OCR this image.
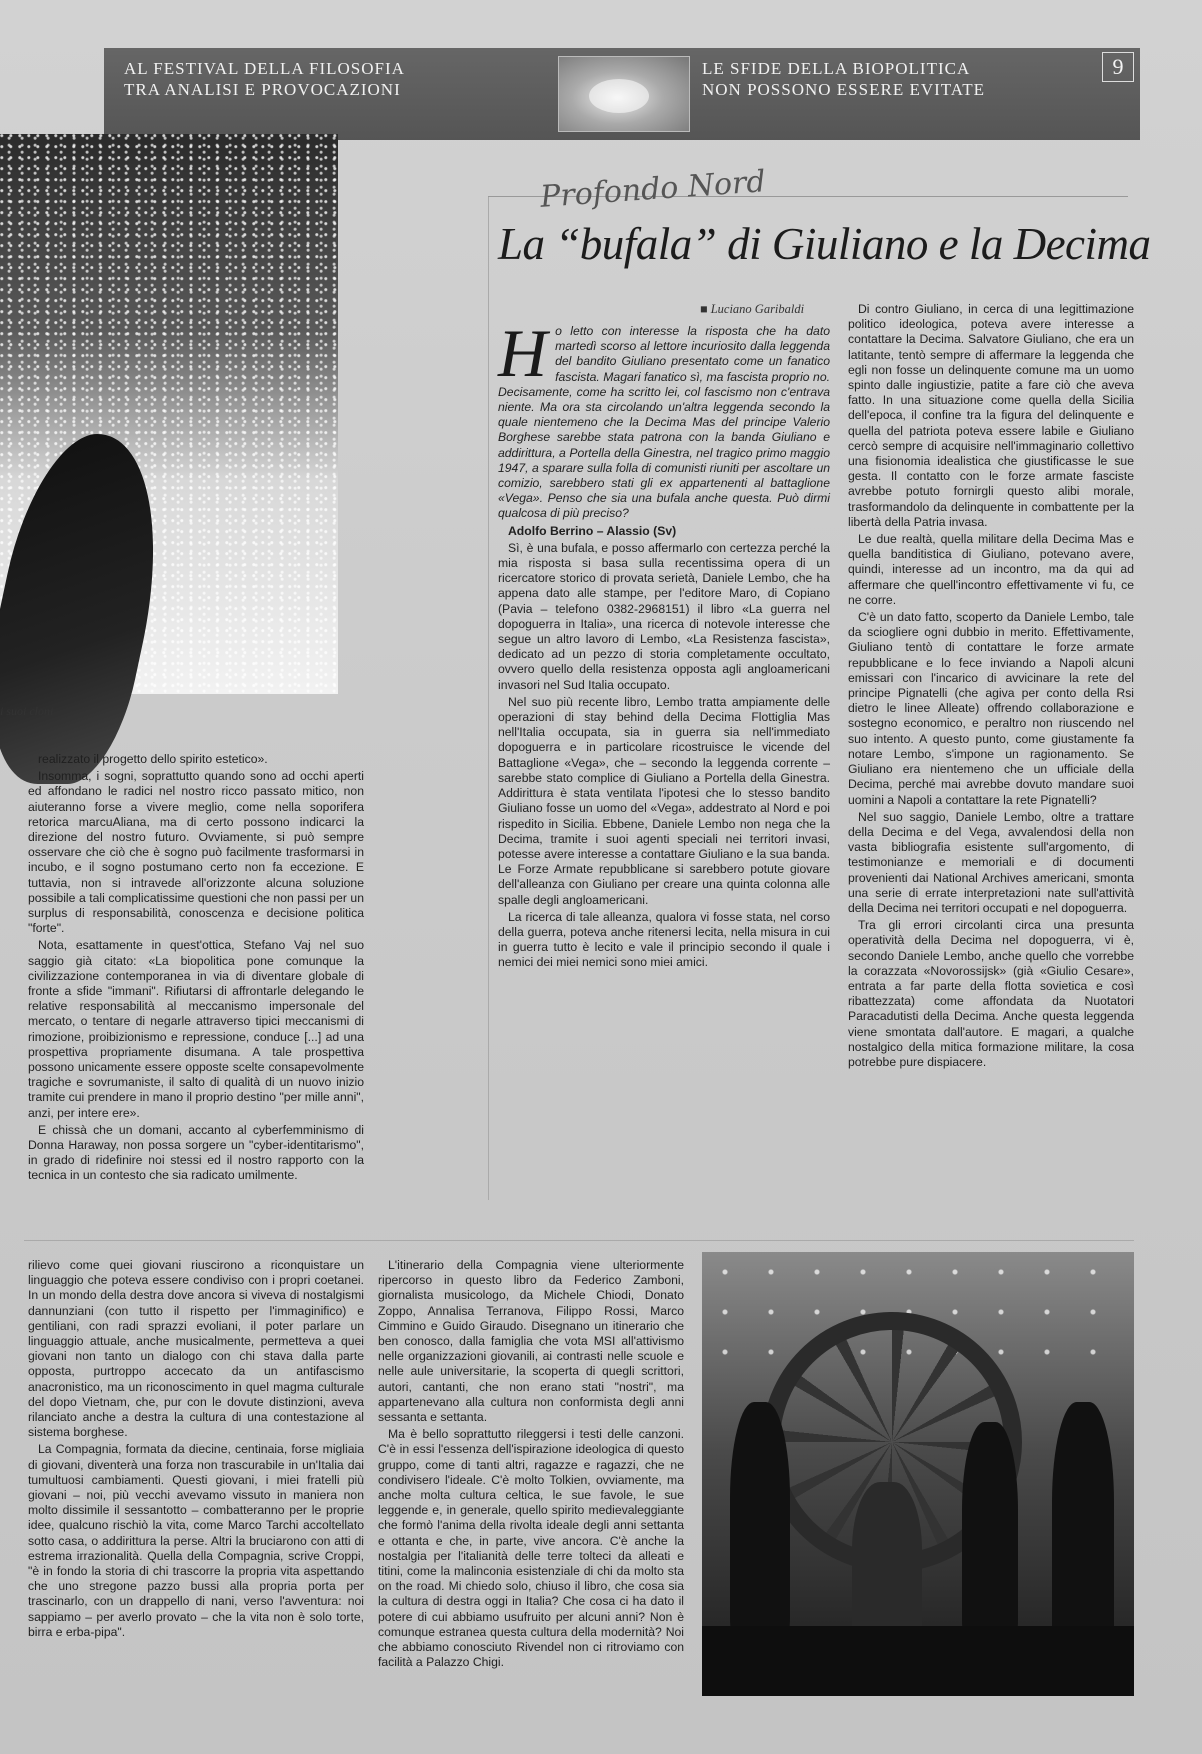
AL FESTIVAL DELLA FILOSOFIA
TRA ANALISI E PROVOCAZIONI
LE SFIDE DELLA BIOPOLITICA
NON POSSONO ESSERE EVITATE
9
i suoi cloni

realizzato il progetto dello spirito estetico».

Insomma, i sogni, soprattutto quando sono ad occhi aperti ed affondano le radici nel nostro ricco passato mitico, non aiuteranno forse a vivere meglio, come nella soporifera retorica marcuAliana, ma di certo possono indicarci la direzione del nostro futuro. Ovviamente, si può sempre osservare che ciò che è sogno può facilmente trasformarsi in incubo, e il sogno postumano certo non fa eccezione. E tuttavia, non si intravede all'orizzonte alcuna soluzione possibile a tali complicatissime questioni che non passi per un surplus di responsabilità, conoscenza e decisione politica "forte".

Nota, esattamente in quest'ottica, Stefano Vaj nel suo saggio già citato: «La biopolitica pone comunque la civilizzazione contemporanea in via di diventare globale di fronte a sfide "immani". Rifiutarsi di affrontarle delegando le relative responsabilità al meccanismo impersonale del mercato, o tentare di negarle attraverso tipici meccanismi di rimozione, proibizionismo e repressione, conduce [...] ad una prospettiva propriamente disumana. A tale prospettiva possono unicamente essere opposte scelte consapevolmente tragiche e sovrumaniste, il salto di qualità di un nuovo inizio tramite cui prendere in mano il proprio destino "per mille anni", anzi, per intere ere».

E chissà che un domani, accanto al cyberfemminismo di Donna Haraway, non possa sorgere un "cyber-identitarismo", in grado di ridefinire noi stessi ed il nostro rapporto con la tecnica in un contesto che sia radicato umilmente.

Profondo Nord
La “bufala” di Giuliano e la Decima
■ Luciano Garibaldi

Ho letto con interesse la risposta che ha dato martedì scorso al lettore incuriosito dalla leggenda del bandito Giuliano presentato come un fanatico fascista. Magari fanatico sì, ma fascista proprio no. Decisamente, come ha scritto lei, col fascismo non c'entrava niente. Ma ora sta circolando un'altra leggenda secondo la quale nientemeno che la Decima Mas del principe Valerio Borghese sarebbe stata patrona con la banda Giuliano e addirittura, a Portella della Ginestra, nel tragico primo maggio 1947, a sparare sulla folla di comunisti riuniti per ascoltare un comizio, sarebbero stati gli ex appartenenti al battaglione «Vega». Penso che sia una bufala anche questa. Può dirmi qualcosa di più preciso?

Adolfo Berrino – Alassio (Sv)

Sì, è una bufala, e posso affermarlo con certezza perché la mia risposta si basa sulla recentissima opera di un ricercatore storico di provata serietà, Daniele Lembo, che ha appena dato alle stampe, per l'editore Maro, di Copiano (Pavia – telefono 0382-2968151) il libro «La guerra nel dopoguerra in Italia», una ricerca di notevole interesse che segue un altro lavoro di Lembo, «La Resistenza fascista», dedicato ad un pezzo di storia completamente occultato, ovvero quello della resistenza opposta agli angloamericani invasori nel Sud Italia occupato.

Nel suo più recente libro, Lembo tratta ampiamente delle operazioni di stay behind della Decima Flottiglia Mas nell'Italia occupata, sia in guerra sia nell'immediato dopoguerra e in particolare ricostruisce le vicende del Battaglione «Vega», che – secondo la leggenda corrente – sarebbe stato complice di Giuliano a Portella della Ginestra. Addirittura è stata ventilata l'ipotesi che lo stesso bandito Giuliano fosse un uomo del «Vega», addestrato al Nord e poi rispedito in Sicilia. Ebbene, Daniele Lembo non nega che la Decima, tramite i suoi agenti speciali nei territori invasi, potesse avere interesse a contattare Giuliano e la sua banda. Le Forze Armate repubblicane si sarebbero potute giovare dell'alleanza con Giuliano per creare una quinta colonna alle spalle degli angloamericani.

La ricerca di tale alleanza, qualora vi fosse stata, nel corso della guerra, poteva anche ritenersi lecita, nella misura in cui in guerra tutto è lecito e vale il principio secondo il quale i nemici dei miei nemici sono miei amici.

Di contro Giuliano, in cerca di una legittimazione politico ideologica, poteva avere interesse a contattare la Decima. Salvatore Giuliano, che era un latitante, tentò sempre di affermare la leggenda che egli non fosse un delinquente comune ma un uomo spinto dalle ingiustizie, patite a fare ciò che aveva fatto. In una situazione come quella della Sicilia dell'epoca, il confine tra la figura del delinquente e quella del patriota poteva essere labile e Giuliano cercò sempre di acquisire nell'immaginario collettivo una fisionomia idealistica che giustificasse le sue gesta. Il contatto con le forze armate fasciste avrebbe potuto fornirgli questo alibi morale, trasformandolo da delinquente in combattente per la libertà della Patria invasa.

Le due realtà, quella militare della Decima Mas e quella banditistica di Giuliano, potevano avere, quindi, interesse ad un incontro, ma da qui ad affermare che quell'incontro effettivamente vi fu, ce ne corre.

C'è un dato fatto, scoperto da Daniele Lembo, tale da sciogliere ogni dubbio in merito. Effettivamente, Giuliano tentò di contattare le forze armate repubblicane e lo fece inviando a Napoli alcuni emissari con l'incarico di avvicinare la rete del principe Pignatelli (che agiva per conto della Rsi dietro le linee Alleate) offrendo collaborazione e sostegno economico, e peraltro non riuscendo nel suo intento. A questo punto, come giustamente fa notare Lembo, s'impone un ragionamento. Se Giuliano era nientemeno che un ufficiale della Decima, perché mai avrebbe dovuto mandare suoi uomini a Napoli a contattare la rete Pignatelli?

Nel suo saggio, Daniele Lembo, oltre a trattare della Decima e del Vega, avvalendosi della non vasta bibliografia esistente sull'argomento, di testimonianze e memoriali e di documenti provenienti dai National Archives americani, smonta una serie di errate interpretazioni nate sull'attività della Decima nei territori occupati e nel dopoguerra.

Tra gli errori circolanti circa una presunta operatività della Decima nel dopoguerra, vi è, secondo Daniele Lembo, anche quello che vorrebbe la corazzata «Novorossijsk» (già «Giulio Cesare», entrata a far parte della flotta sovietica e così ribattezzata) come affondata da Nuotatori Paracadutisti della Decima. Anche questa leggenda viene smontata dall'autore. E magari, a qualche nostalgico della mitica formazione militare, la cosa potrebbe pure dispiacere.

rilievo come quei giovani riuscirono a riconquistare un linguaggio che poteva essere condiviso con i propri coetanei. In un mondo della destra dove ancora si viveva di nostalgismi dannunziani (con tutto il rispetto per l'immaginifico) e gentiliani, con radi sprazzi evoliani, il poter parlare un linguaggio attuale, anche musicalmente, permetteva a quei giovani non tanto un dialogo con chi stava dalla parte opposta, purtroppo accecato da un antifascismo anacronistico, ma un riconoscimento in quel magma culturale del dopo Vietnam, che, pur con le dovute distinzioni, aveva rilanciato anche a destra la cultura di una contestazione al sistema borghese.

La Compagnia, formata da diecine, centinaia, forse migliaia di giovani, diventerà una forza non trascurabile in un'Italia dai tumultuosi cambiamenti. Questi giovani, i miei fratelli più giovani – noi, più vecchi avevamo vissuto in maniera non molto dissimile il sessantotto – combatteranno per le proprie idee, qualcuno rischiò la vita, come Marco Tarchi accoltellato sotto casa, o addirittura la perse. Altri la bruciarono con atti di estrema irrazionalità. Quella della Compagnia, scrive Croppi, "è in fondo la storia di chi trascorre la propria vita aspettando che uno stregone pazzo bussi alla propria porta per trascinarlo, con un drappello di nani, verso l'avventura: noi sappiamo – per averlo provato – che la vita non è solo torte, birra e erba-pipa".

L'itinerario della Compagnia viene ulteriormente ripercorso in questo libro da Federico Zamboni, giornalista musicologo, da Michele Chiodi, Donato Zoppo, Annalisa Terranova, Filippo Rossi, Marco Cimmino e Guido Giraudo. Disegnano un itinerario che ben conosco, dalla famiglia che vota MSI all'attivismo nelle organizzazioni giovanili, ai contrasti nelle scuole e nelle aule universitarie, la scoperta di quegli scrittori, autori, cantanti, che non erano stati "nostri", ma appartenevano alla cultura non conformista degli anni sessanta e settanta.

Ma è bello soprattutto rileggersi i testi delle canzoni. C'è in essi l'essenza dell'ispirazione ideologica di questo gruppo, come di tanti altri, ragazze e ragazzi, che ne condivisero l'ideale. C'è molto Tolkien, ovviamente, ma anche molta cultura celtica, le sue favole, le sue leggende e, in generale, quello spirito medievaleggiante che formò l'anima della rivolta ideale degli anni settanta e ottanta e che, in parte, vive ancora. C'è anche la nostalgia per l'italianità delle terre tolteci da alleati e titini, come la malinconia esistenziale di chi da molto sta on the road. Mi chiedo solo, chiuso il libro, che cosa sia la cultura di destra oggi in Italia? Che cosa ci ha dato il potere di cui abbiamo usufruito per alcuni anni? Non è comunque estranea questa cultura della modernità? Noi che abbiamo conosciuto Rivendel non ci ritroviamo con facilità a Palazzo Chigi.
